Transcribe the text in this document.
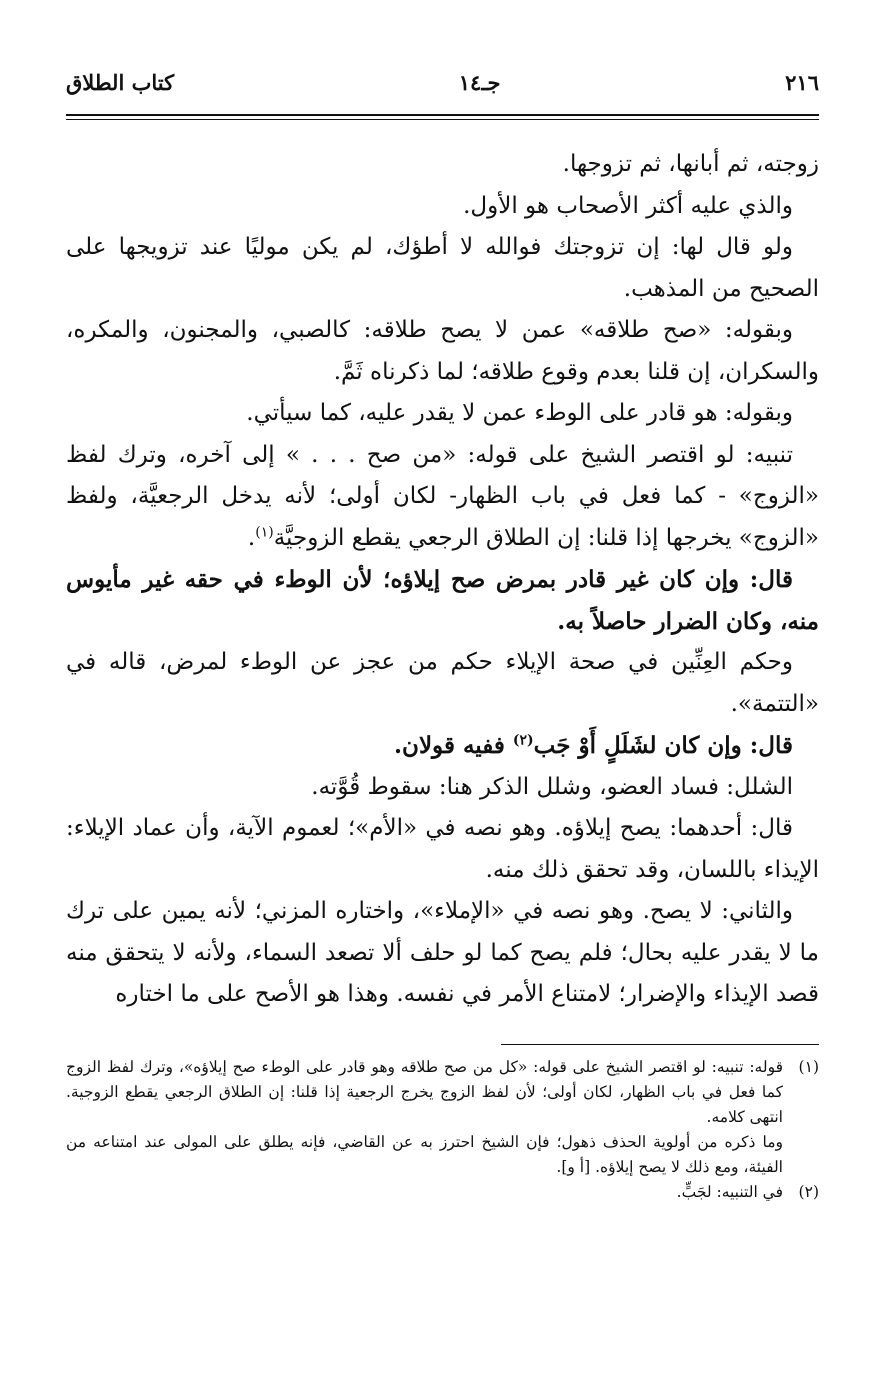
٢١٦
جـ١٤
كتاب الطلاق

زوجته، ثم أبانها، ثم تزوجها.

والذي عليه أكثر الأصحاب هو الأول.

ولو قال لها: إن تزوجتك فوالله لا أطؤك، لم يكن موليًا عند تزويجها على الصحيح من المذهب.

وبقوله: «صح طلاقه» عمن لا يصح طلاقه: كالصبي، والمجنون، والمكره، والسكران، إن قلنا بعدم وقوع طلاقه؛ لما ذكرناه ثَمَّ.

وبقوله: هو قادر على الوطء عمن لا يقدر عليه، كما سيأتي.

تنبيه: لو اقتصر الشيخ على قوله: «من صح . . . » إلى آخره، وترك لفظ «الزوج» - كما فعل في باب الظهار- لكان أولى؛ لأنه يدخل الرجعيَّة، ولفظ «الزوج» يخرجها إذا قلنا: إن الطلاق الرجعي يقطع الزوجيَّة$^{(١)}$.

قال: وإن كان غير قادر بمرض صح إيلاؤه؛ لأن الوطء في حقه غير مأيوس منه، وكان الضرار حاصلاً به.

وحكم العِنِّين في صحة الإيلاء حكم من عجز عن الوطء لمرض، قاله في «التتمة».

قال: وإن كان لشَلَلٍ أَوْ جَب$^{(٢)}$ ففيه قولان.

الشلل: فساد العضو، وشلل الذكر هنا: سقوط قُوَّته.

قال: أحدهما: يصح إيلاؤه. وهو نصه في «الأم»؛ لعموم الآية، وأن عماد الإيلاء: الإيذاء باللسان، وقد تحقق ذلك منه.

والثاني: لا يصح. وهو نصه في «الإملاء»، واختاره المزني؛ لأنه يمين على ترك ما لا يقدر عليه بحال؛ فلم يصح كما لو حلف ألا تصعد السماء، ولأنه لا يتحقق منه قصد الإيذاء والإضرار؛ لامتناع الأمر في نفسه. وهذا هو الأصح على ما اختاره

(١)

قوله: تنبيه: لو اقتصر الشيخ على قوله: «كل من صح طلاقه وهو قادر على الوطء صح إيلاؤه»، وترك لفظ الزوج كما فعل في باب الظهار، لكان أولى؛ لأن لفظ الزوج يخرج الرجعية إذا قلنا: إن الطلاق الرجعي يقطع الزوجية. انتهى كلامه.

وما ذكره من أولوية الحذف ذهول؛ فإن الشيخ احترز به عن القاضي، فإنه يطلق على المولى عند امتناعه من الفيئة، ومع ذلك لا يصح إيلاؤه. [أ و].

(٢)

في التنبيه: لجَبٍّ.
